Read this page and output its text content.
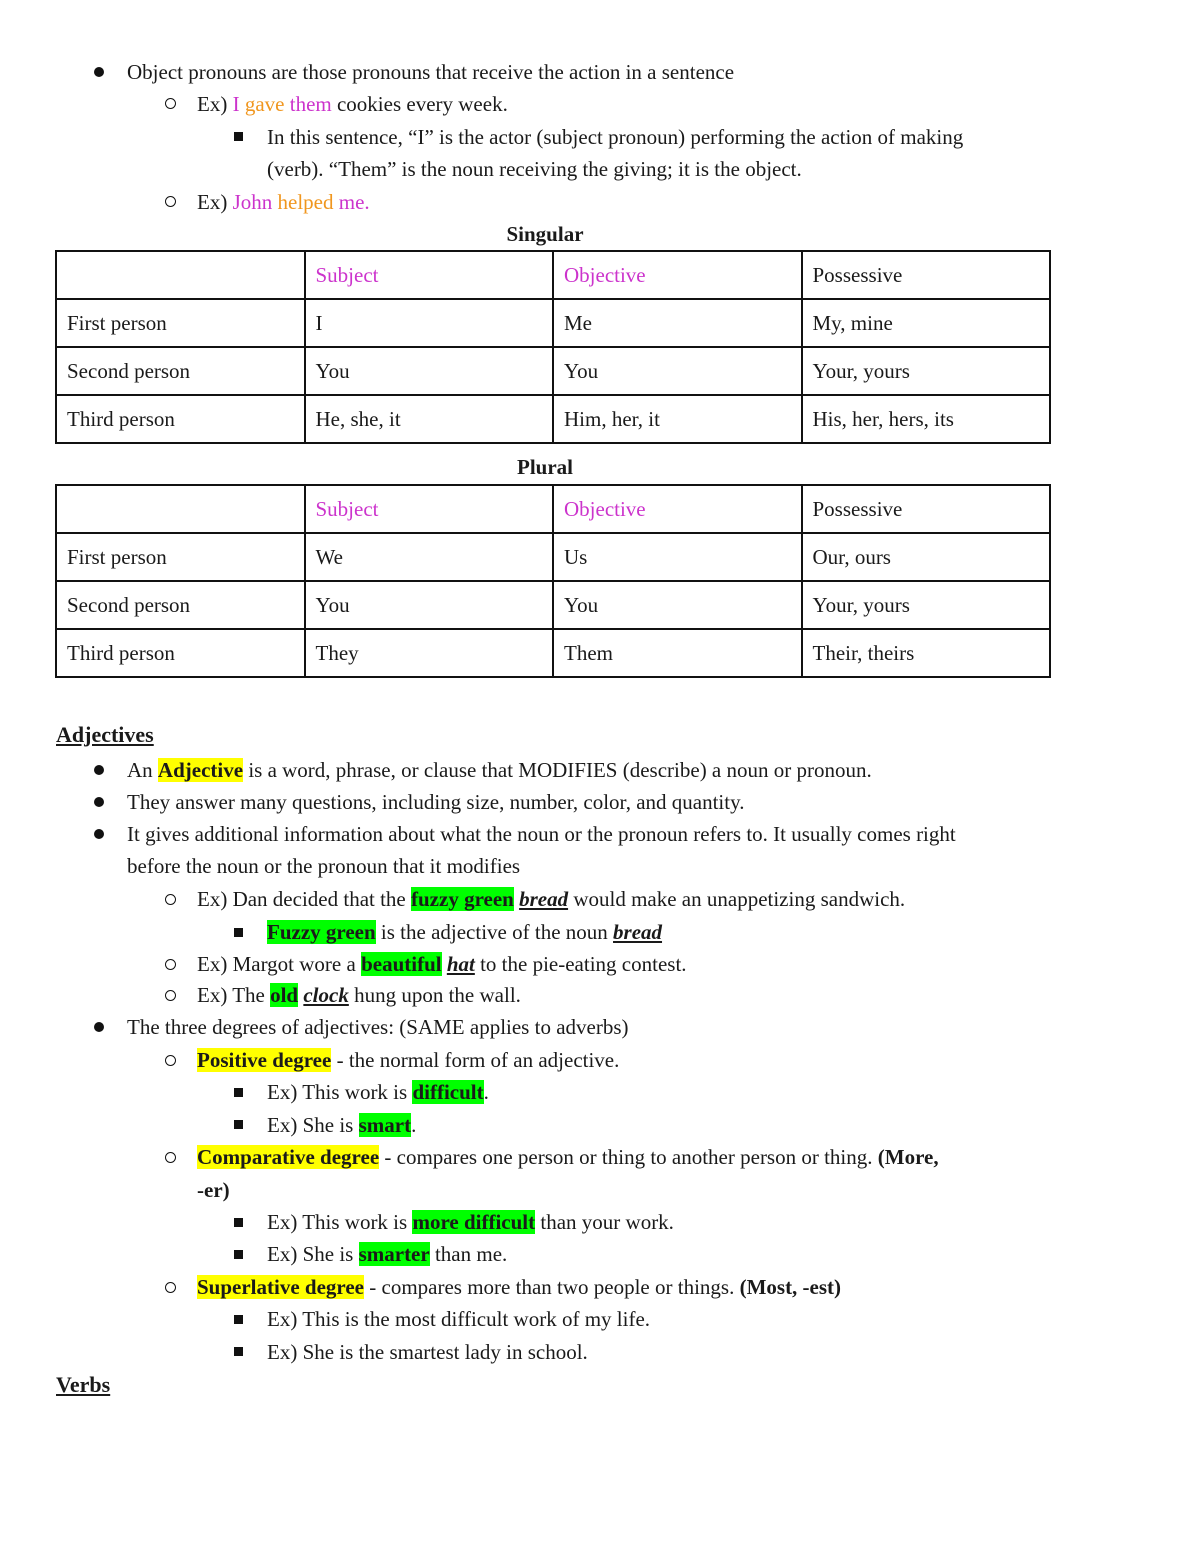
Object pronouns are those pronouns that receive the action in a sentence
Ex) I gave them cookies every week.
In this sentence, “I” is the actor (subject pronoun) performing the action of making
(verb). “Them” is the noun receiving the giving; it is the object.
Ex) John helped me.
Singular
	Subject	Objective	Possessive
First person	I	Me	My, mine
Second person	You	You	Your, yours
Third person	He, she, it	Him, her, it	His, her, hers, its
Plural
	Subject	Objective	Possessive
First person	We	Us	Our, ours
Second person	You	You	Your, yours
Third person	They	Them	Their, theirs
Adjectives
An Adjective is a word, phrase, or clause that MODIFIES (describe) a noun or pronoun.
They answer many questions, including size, number, color, and quantity.
It gives additional information about what the noun or the pronoun refers to. It usually comes right
before the noun or the pronoun that it modifies
Ex) Dan decided that the fuzzy green bread would make an unappetizing sandwich.
Fuzzy green is the adjective of the noun bread
Ex) Margot wore a beautiful hat to the pie-eating contest.
Ex) The old clock hung upon the wall.
The three degrees of adjectives: (SAME applies to adverbs)
Positive degree - the normal form of an adjective.
Ex) This work is difficult.
Ex) She is smart.
Comparative degree - compares one person or thing to another person or thing. (More,
-er)
Ex) This work is more difficult than your work.
Ex) She is smarter than me.
Superlative degree - compares more than two people or things. (Most, -est)
Ex) This is the most difficult work of my life.
Ex) She is the smartest lady in school.
Verbs
